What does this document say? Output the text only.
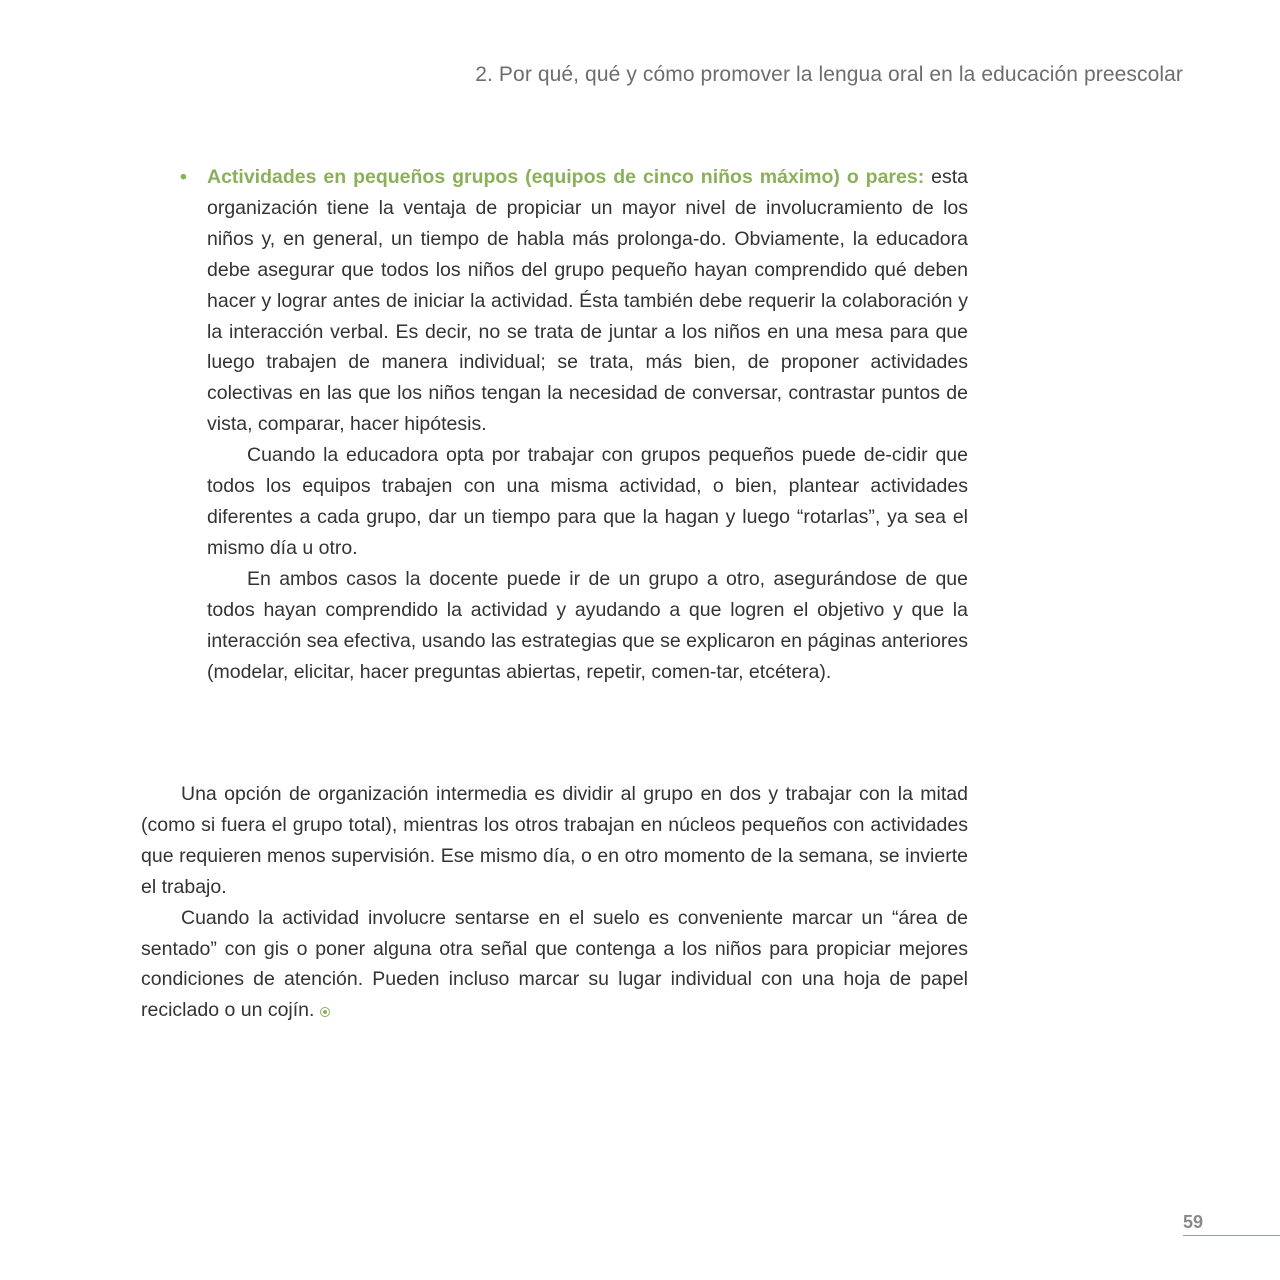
2. Por qué, qué y cómo promover la lengua oral en la educación preescolar
• Actividades en pequeños grupos (equipos de cinco niños máximo) o pares: esta organización tiene la ventaja de propiciar un mayor nivel de involucramiento de los niños y, en general, un tiempo de habla más prolonga-do. Obviamente, la educadora debe asegurar que todos los niños del grupo pequeño hayan comprendido qué deben hacer y lograr antes de iniciar la actividad. Ésta también debe requerir la colaboración y la interacción verbal. Es decir, no se trata de juntar a los niños en una mesa para que luego trabajen de manera individual; se trata, más bien, de proponer actividades colectivas en las que los niños tengan la necesidad de conversar, contrastar puntos de vista, comparar, hacer hipótesis.

Cuando la educadora opta por trabajar con grupos pequeños puede de-cidir que todos los equipos trabajen con una misma actividad, o bien, plantear actividades diferentes a cada grupo, dar un tiempo para que la hagan y luego “rotarlas”, ya sea el mismo día u otro.

En ambos casos la docente puede ir de un grupo a otro, asegurándose de que todos hayan comprendido la actividad y ayudando a que logren el objetivo y que la interacción sea efectiva, usando las estrategias que se explicaron en páginas anteriores (modelar, elicitar, hacer preguntas abiertas, repetir, comen-tar, etcétera).

Una opción de organización intermedia es dividir al grupo en dos y trabajar con la mitad (como si fuera el grupo total), mientras los otros trabajan en núcleos pequeños con actividades que requieren menos supervisión. Ese mismo día, o en otro momento de la semana, se invierte el trabajo.

Cuando la actividad involucre sentarse en el suelo es conveniente marcar un “área de sentado” con gis o poner alguna otra señal que contenga a los niños para propiciar mejores condiciones de atención. Pueden incluso marcar su lugar individual con una hoja de papel reciclado o un cojín.

59
